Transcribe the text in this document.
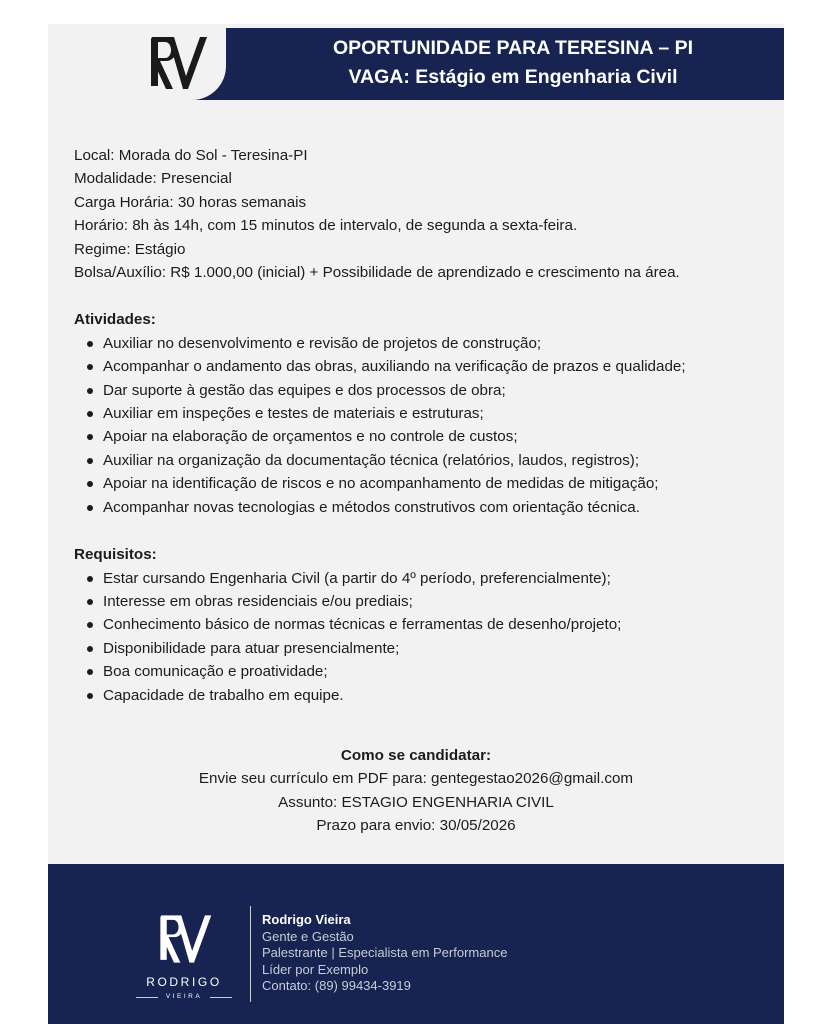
OPORTUNIDADE PARA TERESINA – PI
VAGA: Estágio em Engenharia Civil

Local: Morada do Sol - Teresina-PI

Modalidade: Presencial

Carga Horária: 30 horas semanais

Horário: 8h às 14h, com 15 minutos de intervalo, de segunda a sexta-feira.

Regime: Estágio

Bolsa/Auxílio: R$ 1.000,00 (inicial) + Possibilidade de aprendizado e crescimento na área.

Atividades:

Auxiliar no desenvolvimento e revisão de projetos de construção;
Acompanhar o andamento das obras, auxiliando na verificação de prazos e qualidade;
Dar suporte à gestão das equipes e dos processos de obra;
Auxiliar em inspeções e testes de materiais e estruturas;
Apoiar na elaboração de orçamentos e no controle de custos;
Auxiliar na organização da documentação técnica (relatórios, laudos, registros);
Apoiar na identificação de riscos e no acompanhamento de medidas de mitigação;
Acompanhar novas tecnologias e métodos construtivos com orientação técnica.

Requisitos:

Estar cursando Engenharia Civil (a partir do 4º período, preferencialmente);
Interesse em obras residenciais e/ou prediais;
Conhecimento básico de normas técnicas e ferramentas de desenho/projeto;
Disponibilidade para atuar presencialmente;
Boa comunicação e proatividade;
Capacidade de trabalho em equipe.

Como se candidatar:

Envie seu currículo em PDF para: gentegestao2026@gmail.com

Assunto: ESTAGIO ENGENHARIA CIVIL

Prazo para envio: 30/05/2026

RODRIGO
VIEIRA

Rodrigo Vieira

Gente e Gestão

Palestrante | Especialista em Performance

Líder por Exemplo

Contato: (89) 99434-3919
